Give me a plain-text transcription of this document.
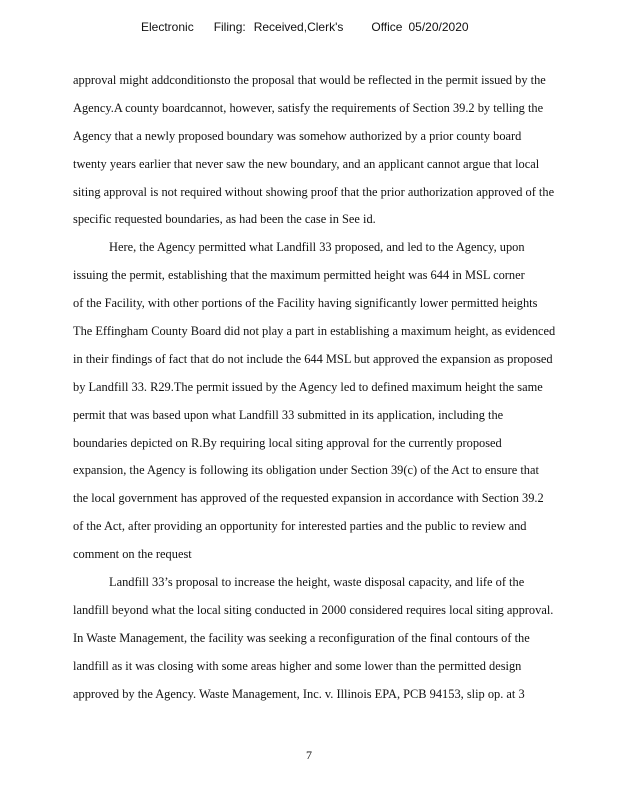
Electronic Filing: Received,Clerk's Office 05/20/2020
approval might addconditionsto the proposal that would be reflected in the permit issued by the
Agency.A county boardcannot, however, satisfy the requirements of Section 39.2 by telling the
Agency that a newly proposed boundary was somehow authorized by a prior county board
twenty years earlier that never saw the new boundary, and an applicant cannot argue that local
siting approval is not required without showing proof that the prior authorization approved of the
specific requested boundaries, as had been the case in See id.
Here, the Agency permitted what Landfill 33 proposed, and led to the Agency, upon
issuing the permit, establishing that the maximum permitted height was 644 in MSL corner
of the Facility, with other portions of the Facility having significantly lower permitted heights
The Effingham County Board did not play a part in establishing a maximum height, as evidenced
in their findings of fact that do not include the 644 MSL but approved the expansion as proposed
by Landfill 33. R29.The permit issued by the Agency led to defined maximum height the same
permit that was based upon what Landfill 33 submitted in its application, including the
boundaries depicted on R.By requiring local siting approval for the currently proposed
expansion, the Agency is following its obligation under Section 39(c) of the Act to ensure that
the local government has approved of the requested expansion in accordance with Section 39.2
of the Act, after providing an opportunity for interested parties and the public to review and
comment on the request
Landfill 33’s proposal to increase the height, waste disposal capacity, and life of the
landfill beyond what the local siting conducted in 2000 considered requires local siting approval.
In Waste Management, the facility was seeking a reconfiguration of the final contours of the
landfill as it was closing with some areas higher and some lower than the permitted design
approved by the Agency. Waste Management, Inc. v. Illinois EPA, PCB 94153, slip op. at 3
7
